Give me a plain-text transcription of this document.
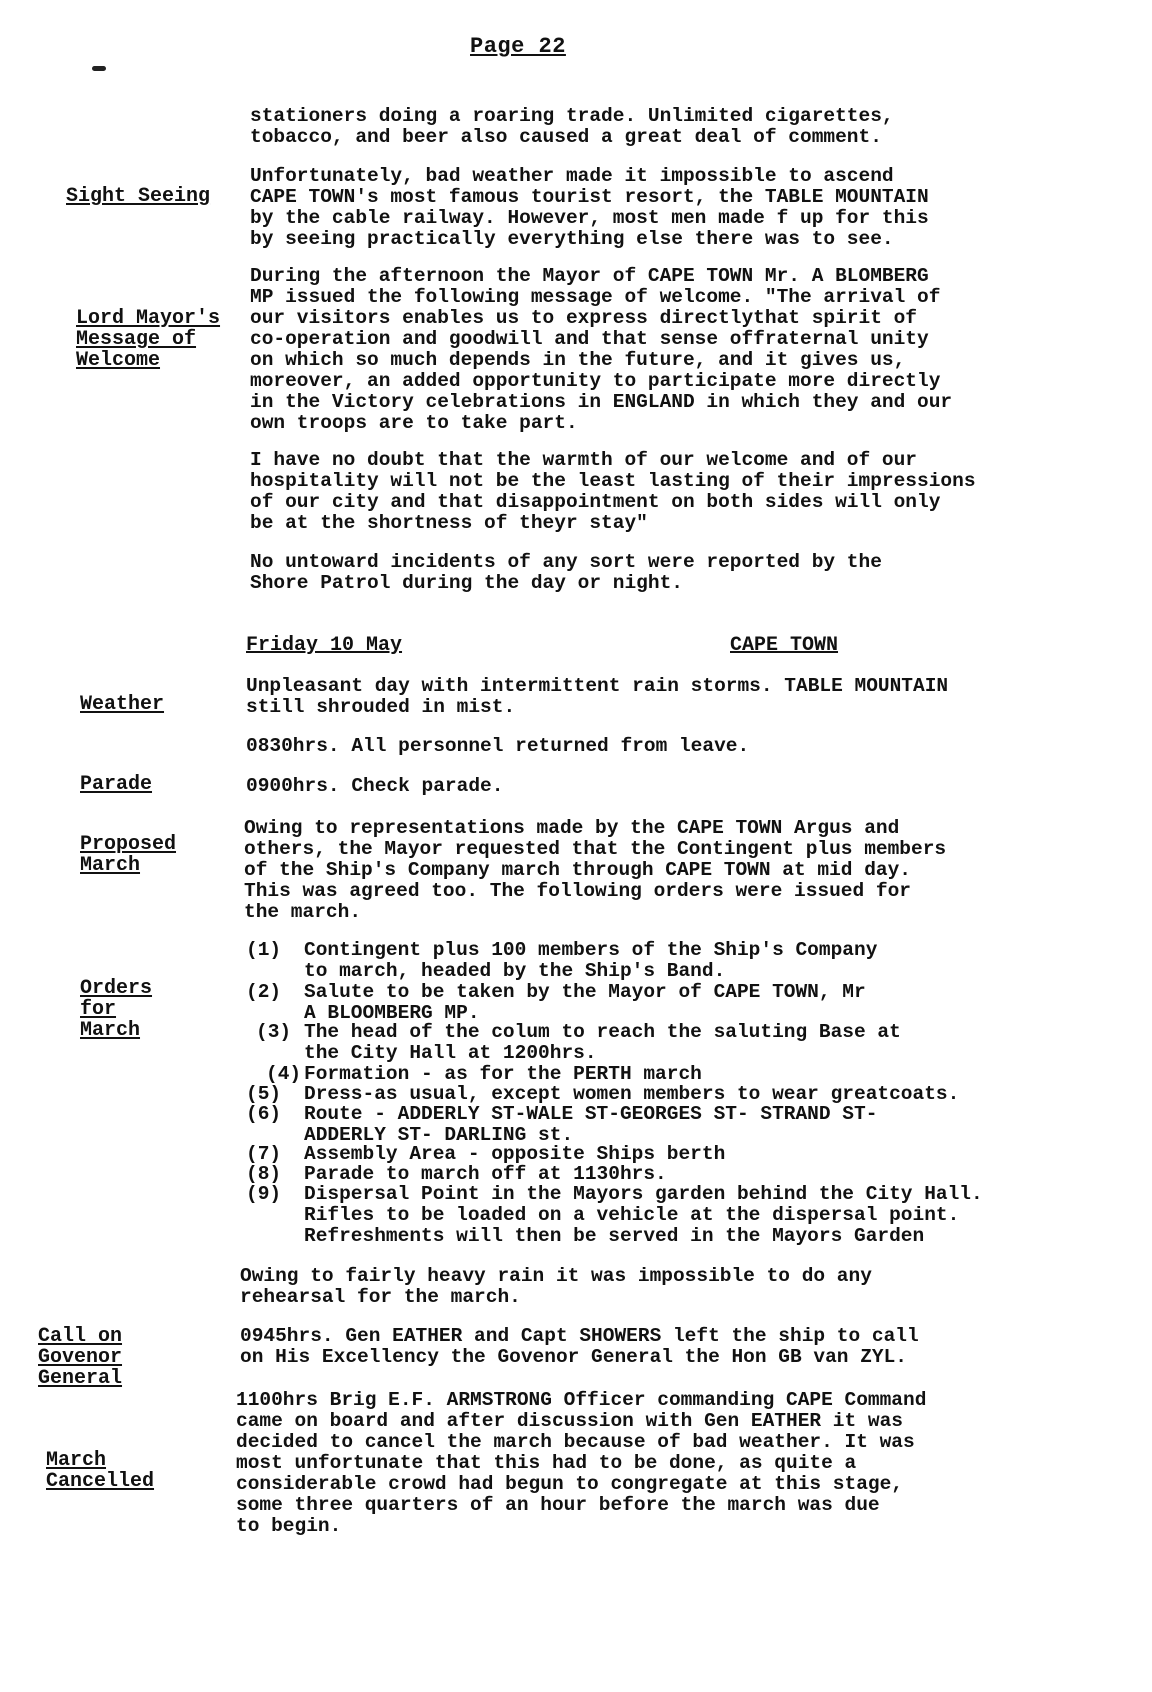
Page 22
stationers doing a roaring trade. Unlimited cigarettes,
tobacco, and beer also caused a great deal of comment.
Sight Seeing
Unfortunately, bad weather made it impossible to ascend
CAPE TOWN's most famous tourist resort, the TABLE MOUNTAIN
by the cable railway. However, most men made f up for this
by seeing practically everything else there was to see.
Lord Mayor's
Message of
Welcome
During the afternoon the Mayor of CAPE TOWN Mr. A BLOMBERG
MP issued the following message of welcome. "The arrival of
our visitors enables us to express directlythat spirit of
co-operation and goodwill and that sense offraternal unity
on which so much depends in the future, and it gives us,
moreover, an added opportunity to participate more directly
in the Victory celebrations in ENGLAND in which they and our
own troops are to take part.
I have no doubt that the warmth of our welcome and of our
hospitality will not be the least lasting of their impressions
of our city and that disappointment on both sides will only
be at the shortness of theyr stay"
No untoward incidents of any sort were reported by the
Shore Patrol during the day or night.
Friday 10 May	CAPE TOWN
Weather
Unpleasant day with intermittent rain storms. TABLE MOUNTAIN
still shrouded in mist.
0830hrs. All personnel returned from leave.
Parade	0900hrs. Check parade.
Proposed
March
Owing to representations made by the CAPE TOWN Argus and
others, the Mayor requested that the Contingent plus members
of the Ship's Company march through CAPE TOWN at mid day.
This was agreed too. The following orders were issued for
the march.
Orders
for
March
(1) Contingent plus 100 members of the Ship's Company
to march, headed by the Ship's Band.
(2) Salute to be taken by the Mayor of CAPE TOWN, Mr
A BLOOMBERG MP.
(3) The head of the colum to reach the saluting Base at
the City Hall at 1200hrs.
(4) Formation - as for the PERTH march
(5) Dress-as usual, except women members to wear greatcoats.
(6) Route - ADDERLY ST-WALE ST-GEORGES ST- STRAND ST-
ADDERLY ST- DARLING st.
(7) Assembly Area - opposite Ships berth
(8) Parade to march off at 1130hrs.
(9) Dispersal Point in the Mayors garden behind the City Hall.
Rifles to be loaded on a vehicle at the dispersal point.
Refreshments will then be served in the Mayors Garden
Owing to fairly heavy rain it was impossible to do any
rehearsal for the march.
Call on
Govenor
General
0945hrs. Gen EATHER and Capt SHOWERS left the ship to call
on His Excellency the Govenor General the Hon GB van ZYL.
March
Cancelled
1100hrs Brig E.F. ARMSTRONG Officer commanding CAPE Command
came on board and after discussion with Gen EATHER it was
decided to cancel the march because of bad weather. It was
most unfortunate that this had to be done, as quite a
considerable crowd had begun to congregate at this stage,
some three quarters of an hour before the march was due
to begin.
